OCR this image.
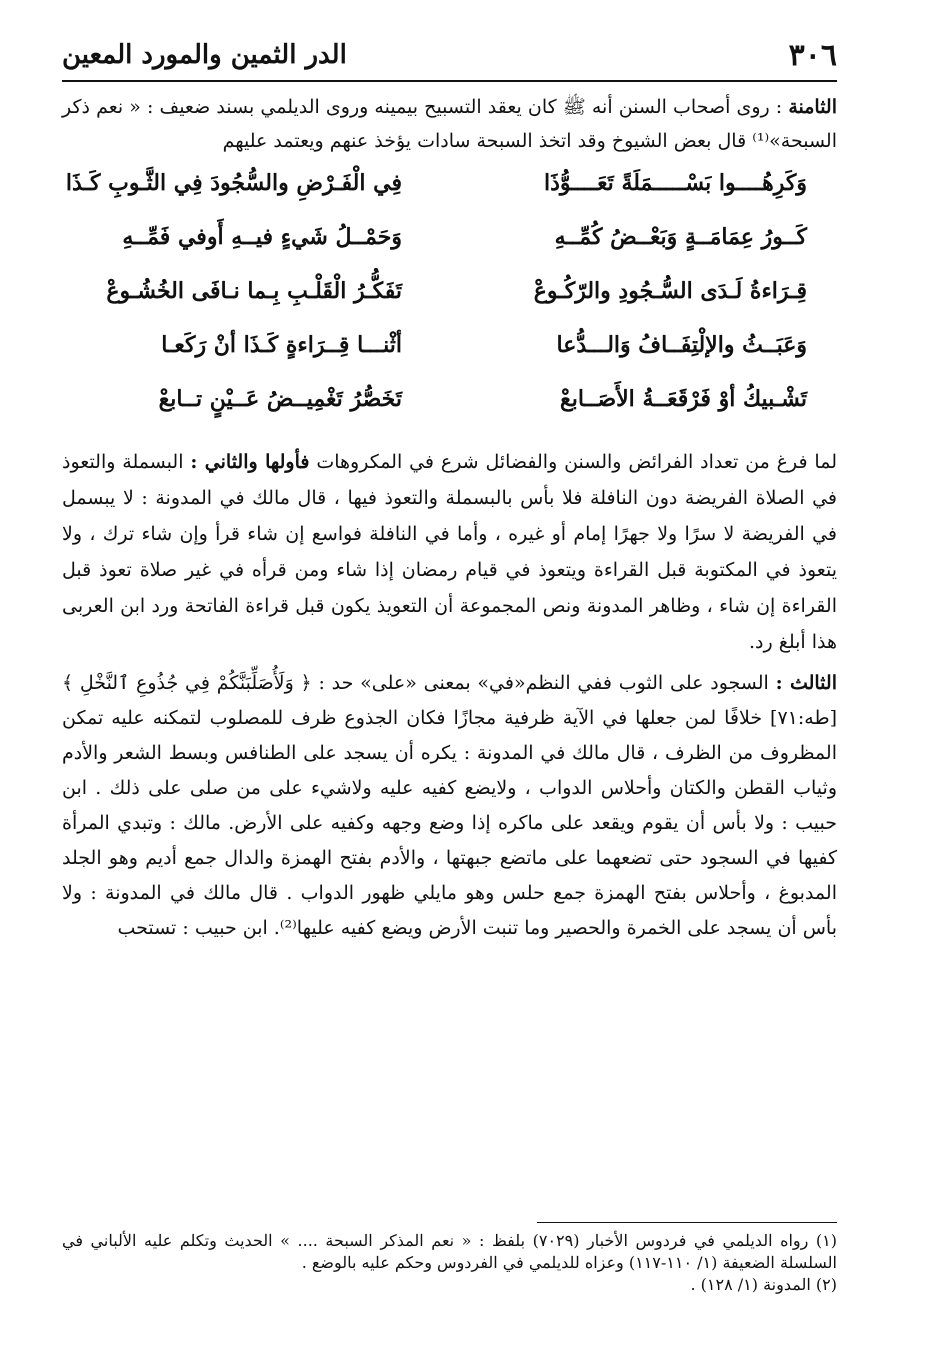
٣٠٦
الدر الثمين والمورد المعين

الثامنة : روى أصحاب السنن أنه ﷺ كان يعقد التسبيح بيمينه وروى الديلمي بسند ضعيف : « نعم ذكر السبحة»⁽¹⁾ قال بعض الشيوخ وقد اتخذ السبحة سادات يؤخذ عنهم ويعتمد عليهم

وَكَرِهُــــوا بَسْـــــمَلَةً تَعَــــوُّذَا
فِي الْفَـرْضِ والسُّجُودَ فِي الثَّـوبِ كَـذَا
كَــورُ عِمَامَــةٍ وَبَعْــضُ كُمِّــهِ
وَحَمْــلُ شَيءٍ فيــهِ أَوفي فَمِّــهِ
قِـرَاءةُ لَـدَى السُّـجُودِ والرّكُـوعْ
تَفَكُّـرُ الْقَلْـبِ بِـما نـافَى الخُشُـوعْ
وَعَبَــثُ والإلْتِفَــافُ وَالـــدُّعا
أثْنـــا قِــرَاءةٍ كَـذَا أنْ رَكَعـا
تَشْـبيكُ أوْ فَرْقَعَــةُ الأَصَــابعْ
تَخَصُّرُ تَغْمِيــضُ عَــيْنٍ تــابعْ

لما فرغ من تعداد الفرائض والسنن والفضائل شرع في المكروهات فأولها والثاني : البسملة والتعوذ في الصلاة الفريضة دون النافلة فلا بأس بالبسملة والتعوذ فيها ، قال مالك في المدونة : لا يبسمل في الفريضة لا سرًا ولا جهرًا إمام أو غيره ، وأما في النافلة فواسع إن شاء قرأ وإن شاء ترك ، ولا يتعوذ في المكتوبة قبل القراءة ويتعوذ في قيام رمضان إذا شاء ومن قرأه في غير صلاة تعوذ قبل القراءة إن شاء ، وظاهر المدونة ونص المجموعة أن التعويذ يكون قبل قراءة الفاتحة ورد ابن العربى هذا أبلغ رد.

الثالث : السجود على الثوب ففي النظم«في» بمعنى «على» حد : ﴿ وَلَأُصَلِّبَنَّكُمْ فِي جُذُوعِ ٱلنَّخْلِ ﴾[طه:٧١] خلافًا لمن جعلها في الآية ظرفية مجازًا فكان الجذوع ظرف للمصلوب لتمكنه عليه تمكن المظروف من الظرف ، قال مالك في المدونة : يكره أن يسجد على الطنافس وبسط الشعر والأدم وثياب القطن والكتان وأحلاس الدواب ، ولايضع كفيه عليه ولاشيء على من صلى على ذلك . ابن حبيب : ولا بأس أن يقوم ويقعد على ماكره إذا وضع وجهه وكفيه على الأرض. مالك : وتبدي المرأة كفيها في السجود حتى تضعهما على ماتضع جبهتها ، والأدم بفتح الهمزة والدال جمع أديم وهو الجلد المدبوغ ، وأحلاس بفتح الهمزة جمع حلس وهو مايلي ظهور الدواب . قال مالك في المدونة : ولا بأس أن يسجد على الخمرة والحصير وما تنبت الأرض ويضع كفيه عليها⁽²⁾. ابن حبيب : تستحب

(١) رواه الديلمي في فردوس الأخبار (٧٠٢٩) بلفظ : « نعم المذكر السبحة .... » الحديث وتكلم عليه الألباني في السلسلة الضعيفة (١/ ١١٠-١١٧) وعزاه للديلمي في الفردوس وحكم عليه بالوضع .

(٢) المدونة (١/ ١٢٨) .
